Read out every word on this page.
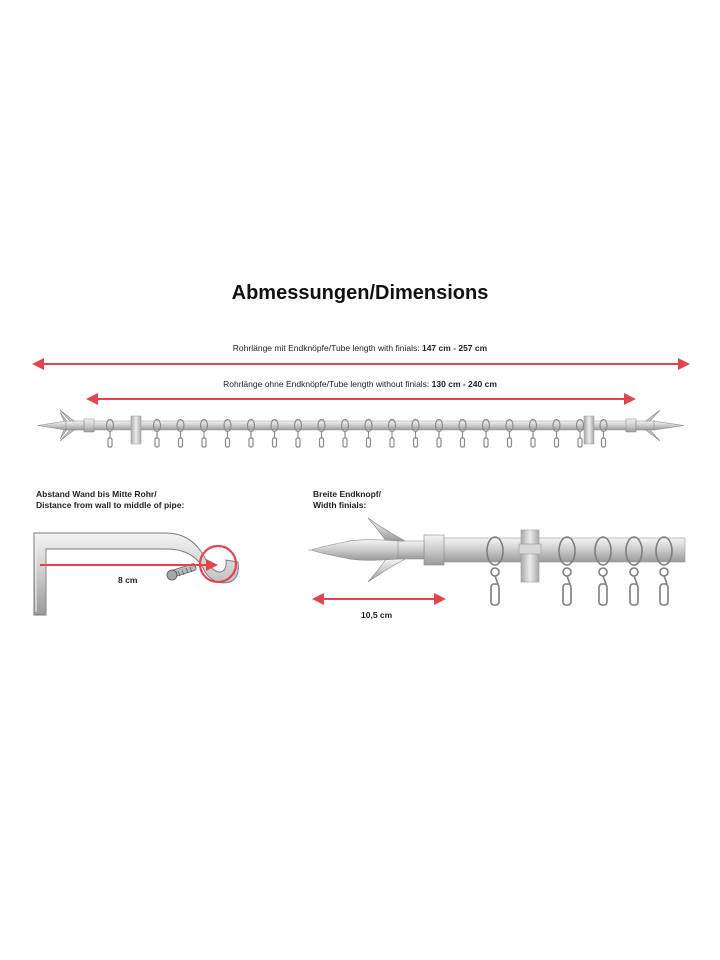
Abmessungen/Dimensions
Rohrlänge mit Endknöpfe/Tube length with finials: 147 cm - 257 cm
Rohrlänge ohne Endknöpfe/Tube length without finials: 130 cm - 240 cm
Abstand Wand bis Mitte Rohr/
Distance from wall to middle of pipe:
Breite Endknopf/
Width finials:
8 cm
10,5 cm
